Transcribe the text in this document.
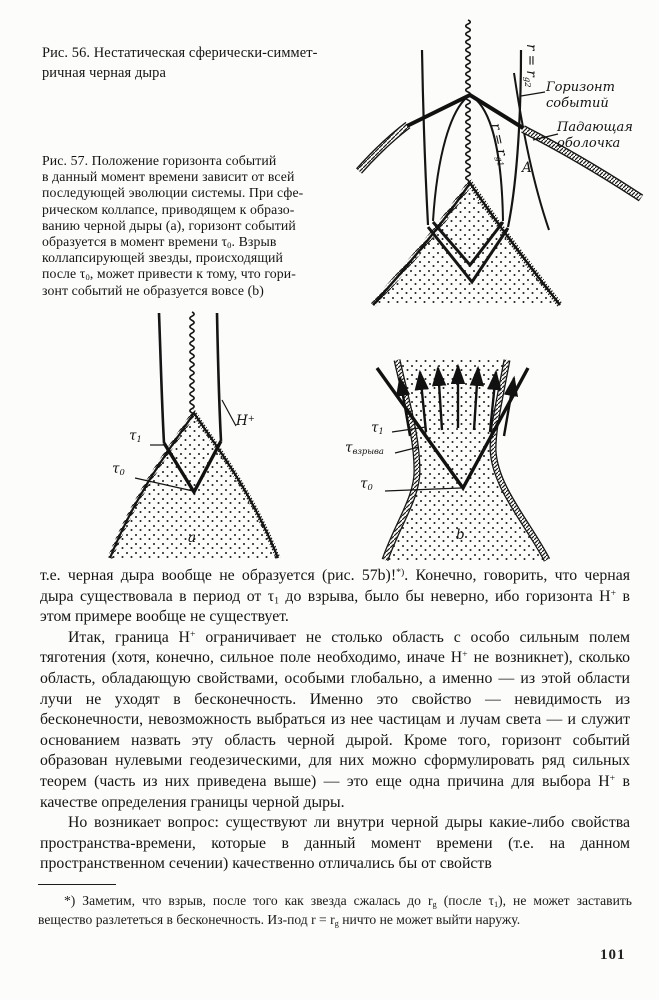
Рис. 56. Нестатическая сферически-симмет-
ричная черная дыра
Рис. 57. Положение горизонта событий
в данный момент времени зависит от всей
последующей эволюции системы. При сфе-
рическом коллапсе, приводящем к образо-
ванию черной дыры (a), горизонт событий
образуется в момент времени $\tau_0$. Взрыв
коллапсирующей звезды, происходящий
после $\tau_0$, может привести к тому, что гори-
зонт событий не образуется вовсе (b)
$r = r_{g2}$
$r = r_{g1}$
Горизонт
событий
Падающая
оболочка
A
$\tau_1$
$\tau_0$
H+
a
$\tau_1$
$\tau_{взрыва}$
$\tau_0$
b

т.е. черная дыра вообще не образуется (рис. 57b)!*). Конечно, говорить, что черная дыра существовала в период от $\tau_1$ до взрыва, было бы неверно, ибо горизонта H+ в этом примере вообще не существует.

Итак, граница H+ ограничивает не столько область с особо сильным полем тяготения (хотя, конечно, сильное поле необходимо, иначе H+ не возникнет), сколько область, обладающую свойствами, особыми глобально, а именно — из этой области лучи не уходят в бесконечность. Именно это свойство — невидимость из бесконечности, невозможность выбраться из нее частицам и лучам света — и служит основанием назвать эту область черной дырой. Кроме того, горизонт событий образован нулевыми геодезическими, для них можно сформулировать ряд сильных теорем (часть из них приведена выше) — это еще одна причина для выбора H+ в качестве определения границы черной дыры.

Но возникает вопрос: существуют ли внутри черной дыры какие-либо свойства пространства-времени, которые в данный момент времени (т.е. на данном пространственном сечении) качественно отличались бы от свойств

*) Заметим, что взрыв, после того как звезда сжалась до $r_g$ (после $\tau_1$), не может заставить вещество разлететься в бесконечность. Из-под $r = r_g$ ничто не может выйти наружу.

101
